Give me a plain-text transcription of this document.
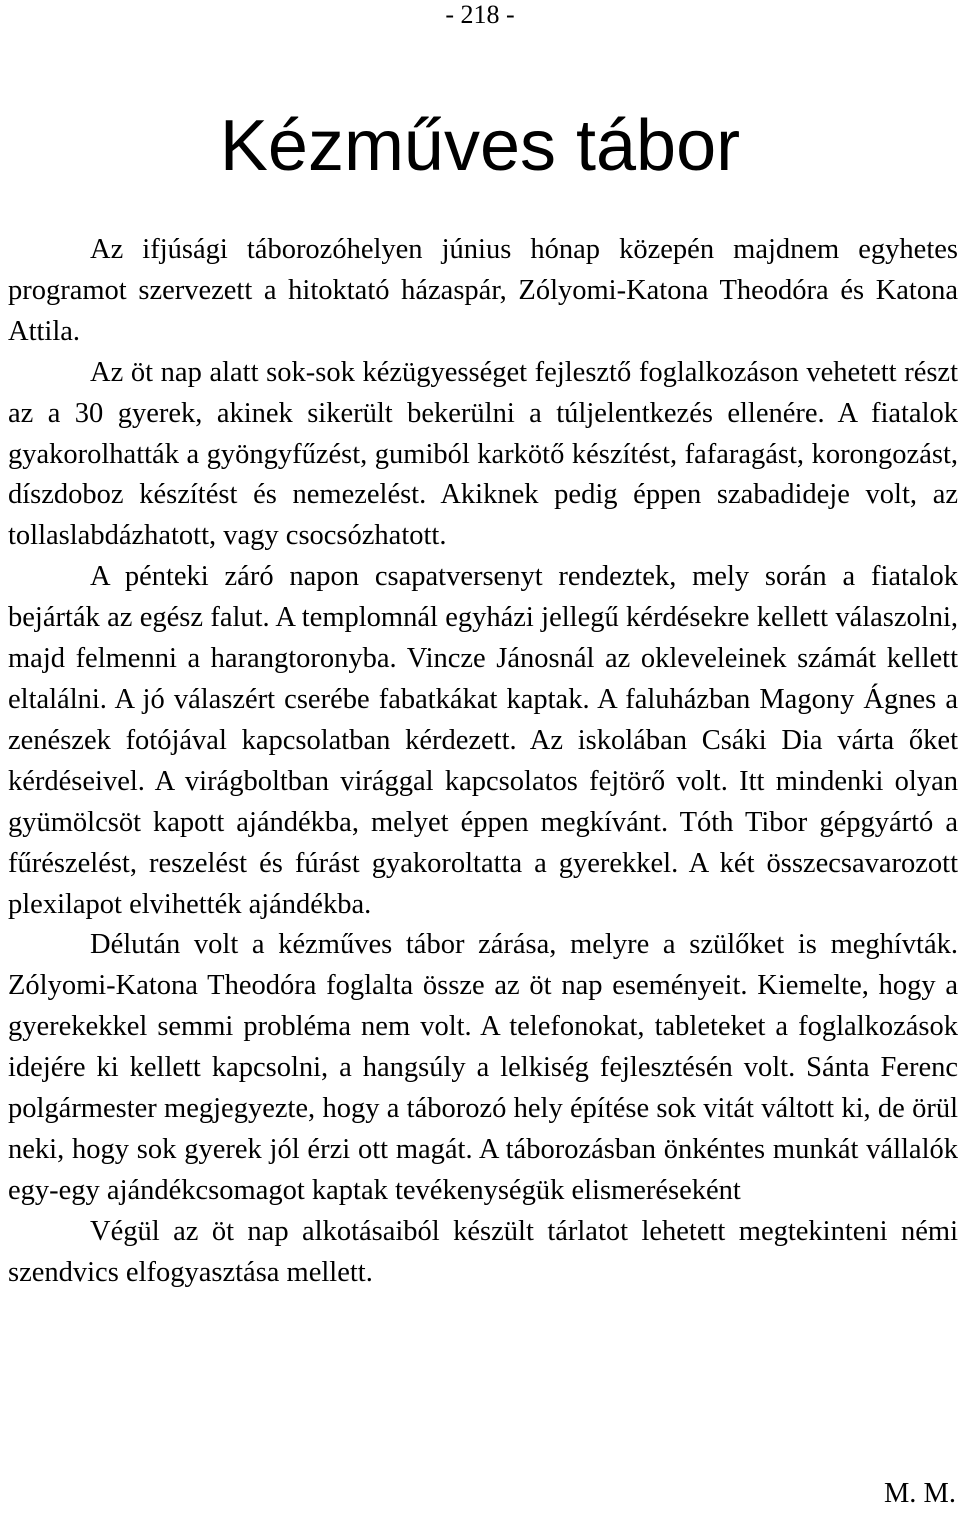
- 218 -
Kézműves tábor

Az ifjúsági táborozóhelyen június hónap közepén majdnem egyhetes programot szervezett a hitoktató házaspár, Zólyomi-Katona Theodóra és Katona Attila.

Az öt nap alatt sok-sok kézügyességet fejlesztő foglalkozáson vehetett részt az a 30 gyerek, akinek sikerült bekerülni a túljelentkezés ellenére. A fiatalok gyakorolhatták a gyöngyfűzést, gumiból karkötő készítést, fafaragást, korongozást, díszdoboz készítést és nemezelést. Akiknek pedig éppen szabadideje volt, az tollaslabdázhatott, vagy csocsózhatott.

A pénteki záró napon csapatversenyt rendeztek, mely során a fiatalok bejárták az egész falut. A templomnál egyházi jellegű kérdésekre kellett válaszolni, majd felmenni a harangtoronyba. Vincze Jánosnál az okleveleinek számát kellett eltalálni. A jó válaszért cserébe fabatkákat kaptak. A faluházban Magony Ágnes a zenészek fotójával kapcsolatban kérdezett. Az iskolában Csáki Dia várta őket kérdéseivel. A virágboltban virággal kapcsolatos fejtörő volt. Itt mindenki olyan gyümölcsöt kapott ajándékba, melyet éppen megkívánt. Tóth Tibor gépgyártó a fűrészelést, reszelést és fúrást gyakoroltatta a gyerekkel. A két összecsavarozott plexilapot elvihették ajándékba.

Délután volt a kézműves tábor zárása, melyre a szülőket is meghívták. Zólyomi-Katona Theodóra foglalta össze az öt nap eseményeit. Kiemelte, hogy a gyerekekkel semmi probléma nem volt. A telefonokat, tableteket a foglalkozások idejére ki kellett kapcsolni, a hangsúly a lelkiség fejlesztésén volt. Sánta Ferenc polgármester megjegyezte, hogy a táborozó hely építése sok vitát váltott ki, de örül neki, hogy sok gyerek jól érzi ott magát. A táborozásban önkéntes munkát vállalók egy-egy ajándékcsomagot kaptak tevékenységük elismeréseként

Végül az öt nap alkotásaiból készült tárlatot lehetett megtekinteni némi szendvics elfogyasztása mellett.

M. M.
